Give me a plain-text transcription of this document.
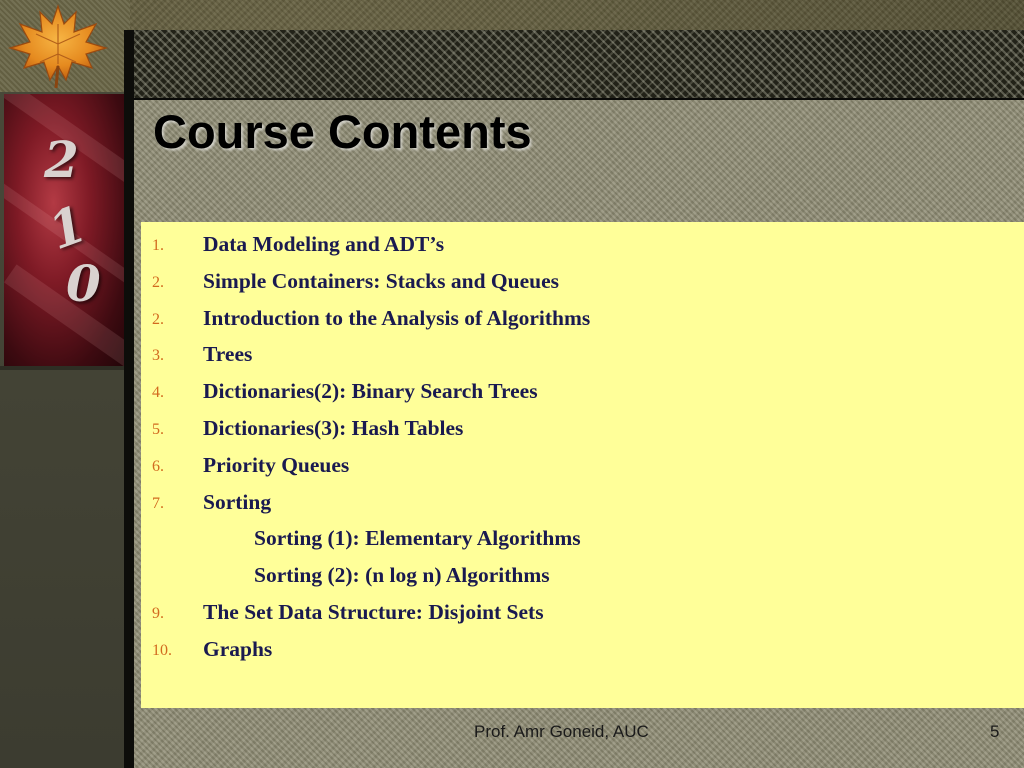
2
1
0
Course Contents
1. Data Modeling and ADT’s
2. Simple Containers: Stacks and Queues
2. Introduction to the Analysis of Algorithms
3. Trees
4. Dictionaries(2): Binary Search Trees
5. Dictionaries(3): Hash Tables
6. Priority Queues
7. Sorting
Sorting (1): Elementary Algorithms
Sorting (2): (n log n) Algorithms
9. The Set Data Structure: Disjoint Sets
10. Graphs
Prof. Amr Goneid, AUC	5
